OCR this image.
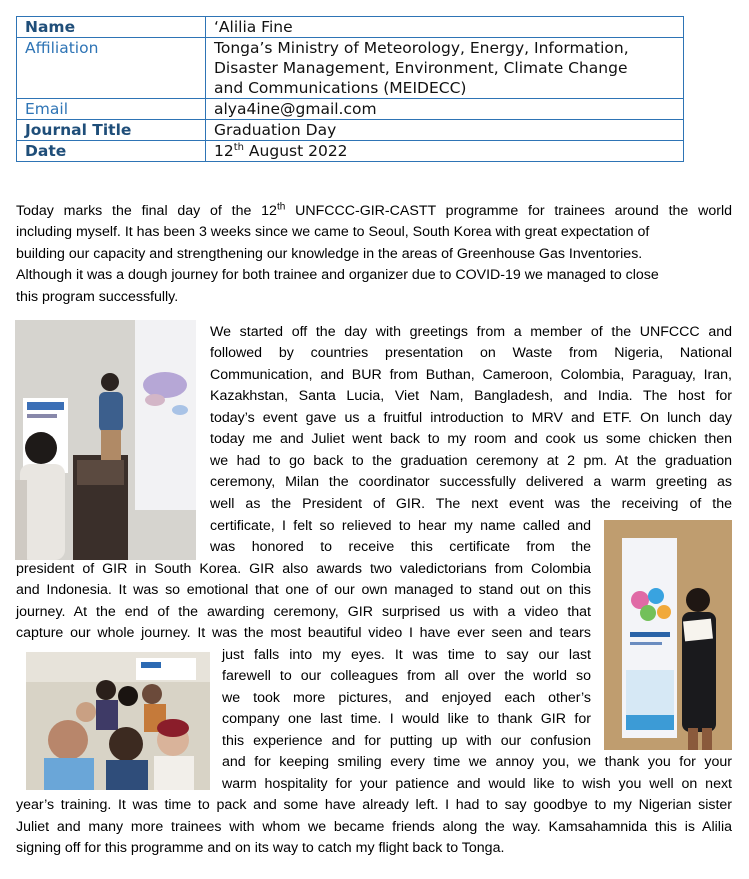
Name	‘Alilia Fine
Affiliation	Tonga’s Ministry of Meteorology, Energy, Information,
Disaster Management, Environment, Climate Change
and Communications (MEIDECC)

Email	alya4ine@gmail.com
Journal Title	Graduation Day
Date	12th August 2022
Today marks the final day of the 12th UNFCCC-GIR-CASTT programme for trainees around the world
including myself. It has been 3 weeks since we came to Seoul, South Korea with great expectation of
building our capacity and strengthening our knowledge in the areas of Greenhouse Gas Inventories.
Although it was a dough journey for both trainee and organizer due to COVID-19 we managed to close
this program successfully.
We started off the day with greetings from a member of the UNFCCC and
followed by countries presentation on Waste from Nigeria, National
Communication, and BUR from Buthan, Cameroon, Colombia, Paraguay, Iran,
Kazakhstan, Santa Lucia, Viet Nam, Bangladesh, and India. The host for
today’s event gave us a fruitful introduction to MRV and ETF. On lunch day
today me and Juliet went back to my room and cook us some chicken then
we had to go back to the graduation ceremony at 2 pm. At the graduation
ceremony, Milan the coordinator successfully delivered a warm greeting as
well as the President of GIR. The next event was the receiving of the
certificate, I felt so relieved to hear my name called and
was honored to receive this certificate from the
president of GIR in South Korea. GIR also awards two valedictorians from Colombia
and Indonesia. It was so emotional that one of our own managed to stand out on this
journey. At the end of the awarding ceremony, GIR surprised us with a video that
capture our whole journey. It was the most beautiful video I have ever seen and tears
just falls into my eyes. It was time to say our last
farewell to our colleagues from all over the world so
we took more pictures, and enjoyed each other’s
company one last time. I would like to thank GIR for
this experience and for putting up with our confusion
and for keeping smiling every time we annoy you, we thank you for your
warm hospitality for your patience and would like to wish you well on next
year’s training. It was time to pack and some have already left. I had to say goodbye to my Nigerian sister
Juliet and many more trainees with whom we became friends along the way. Kamsahamnida this is Alilia
signing off for this programme and on its way to catch my flight back to Tonga.
